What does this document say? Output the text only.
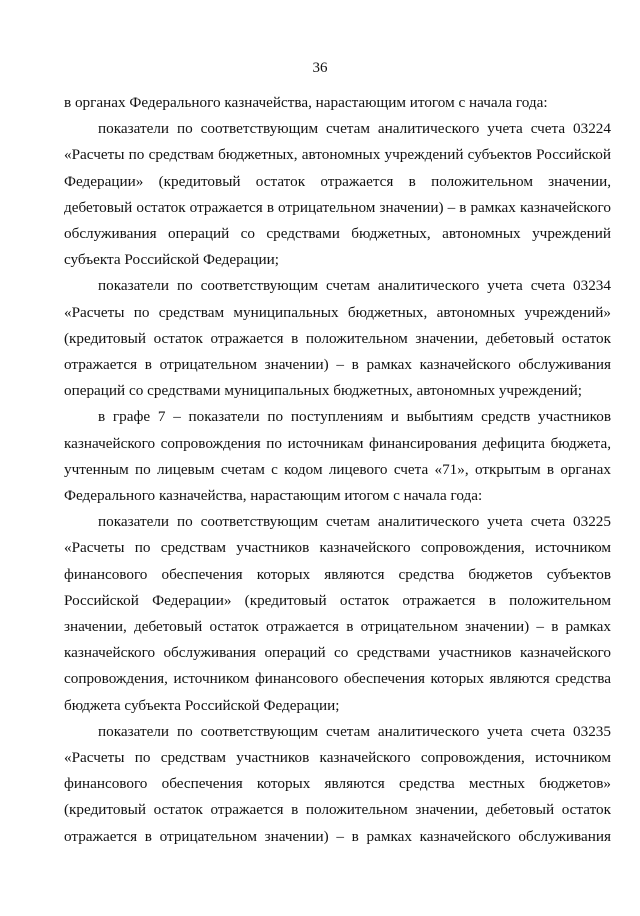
36

в органах Федерального казначейства, нарастающим итогом с начала года:

показатели по соответствующим счетам аналитического учета счета 03224 «Расчеты по средствам бюджетных, автономных учреждений субъектов Российской Федерации» (кредитовый остаток отражается в положительном значении, дебетовый остаток отражается в отрицательном значении) – в рамках казначейского обслуживания операций со средствами бюджетных, автономных учреждений субъекта Российской Федерации;

показатели по соответствующим счетам аналитического учета счета 03234 «Расчеты по средствам муниципальных бюджетных, автономных учреждений» (кредитовый остаток отражается в положительном значении, дебетовый остаток отражается в отрицательном значении) – в рамках казначейского обслуживания операций со средствами муниципальных бюджетных, автономных учреждений;

в графе 7 – показатели по поступлениям и выбытиям средств участников казначейского сопровождения по источникам финансирования дефицита бюджета, учтенным по лицевым счетам с кодом лицевого счета «71», открытым в органах Федерального казначейства, нарастающим итогом с начала года:

показатели по соответствующим счетам аналитического учета счета 03225 «Расчеты по средствам участников казначейского сопровождения, источником финансового обеспечения которых являются средства бюджетов субъектов Российской Федерации» (кредитовый остаток отражается в положительном значении, дебетовый остаток отражается в отрицательном значении) – в рамках казначейского обслуживания операций со средствами участников казначейского сопровождения, источником финансового обеспечения которых являются средства бюджета субъекта Российской Федерации;

показатели по соответствующим счетам аналитического учета счета 03235 «Расчеты по средствам участников казначейского сопровождения, источником финансового обеспечения которых являются средства местных бюджетов» (кредитовый остаток отражается в положительном значении, дебетовый остаток отражается в отрицательном значении) – в рамках казначейского обслуживания
